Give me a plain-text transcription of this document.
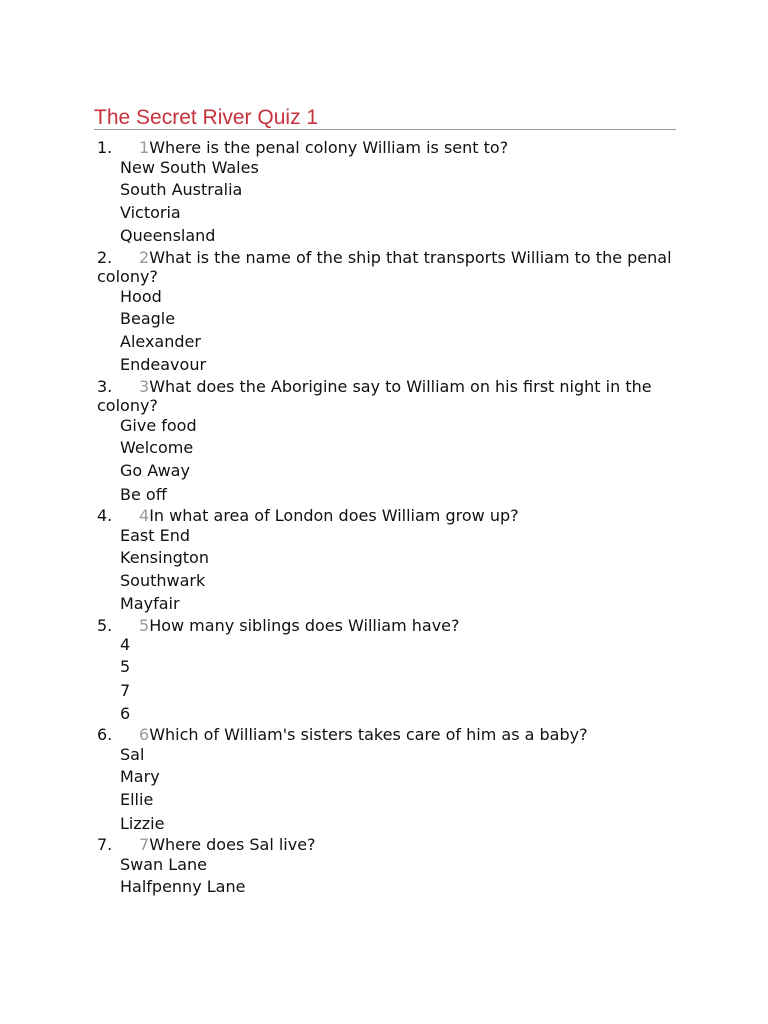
The Secret River Quiz 1
1. 1Where is the penal colony William is sent to?
New South Wales
South Australia
Victoria
Queensland
2. 2What is the name of the ship that transports William to the penal colony?
Hood
Beagle
Alexander
Endeavour
3. 3What does the Aborigine say to William on his first night in the colony?
Give food
Welcome
Go Away
Be off
4. 4In what area of London does William grow up?
East End
Kensington
Southwark
Mayfair
5. 5How many siblings does William have?
4
5
7
6
6. 6Which of William's sisters takes care of him as a baby?
Sal
Mary
Ellie
Lizzie
7. 7Where does Sal live?
Swan Lane
Halfpenny Lane
